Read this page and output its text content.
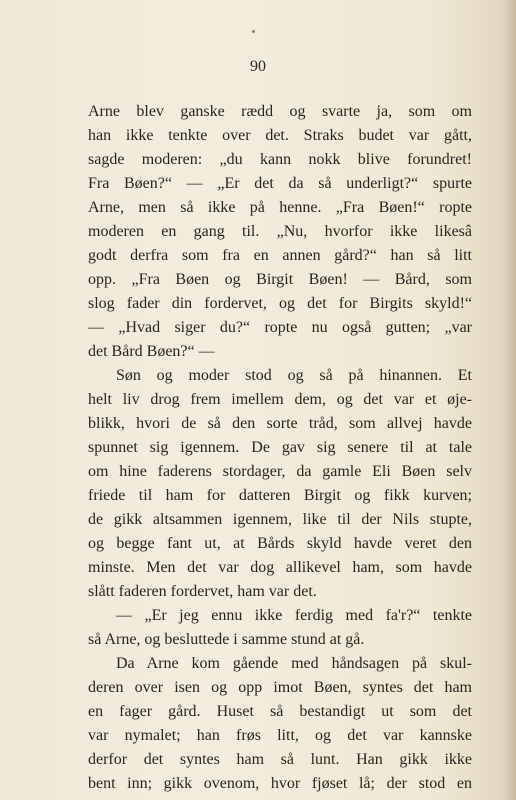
90
Arne blev ganske rædd og svarte ja, som om
han ikke tenkte over det. Straks budet var gått,
sagde moderen: „du kann nokk blive forundret!
Fra Bøen?“ — „Er det da så underligt?“ spurte
Arne, men så ikke på henne. „Fra Bøen!“ ropte
moderen en gang til. „Nu, hvorfor ikke likesâ
godt derfra som fra en annen gård?“ han så litt
opp. „Fra Bøen og Birgit Bøen! — Bård, som
slog fader din fordervet, og det for Birgits skyld!“
— „Hvad siger du?“ ropte nu også gutten; „var
det Bård Bøen?“ —
Søn og moder stod og så på hinannen. Et
helt liv drog frem imellem dem, og det var et øje-
blikk, hvori de så den sorte tråd, som allvej havde
spunnet sig igennem. De gav sig senere til at tale
om hine faderens stordager, da gamle Eli Bøen selv
friede til ham for datteren Birgit og fikk kurven;
de gikk altsammen igennem, like til der Nils stupte,
og begge fant ut, at Bårds skyld havde veret den
minste. Men det var dog allikevel ham, som havde
slått faderen fordervet, ham var det.
— „Er jeg ennu ikke ferdig med fa'r?“ tenkte
så Arne, og besluttede i samme stund at gå.
Da Arne kom gående med håndsagen på skul-
deren over isen og opp imot Bøen, syntes det ham
en fager gård. Huset så bestandigt ut som det
var nymalet; han frøs litt, og det var kannske
derfor det syntes ham så lunt. Han gikk ikke
bent inn; gikk ovenom, hvor fjøset lå; der stod en
